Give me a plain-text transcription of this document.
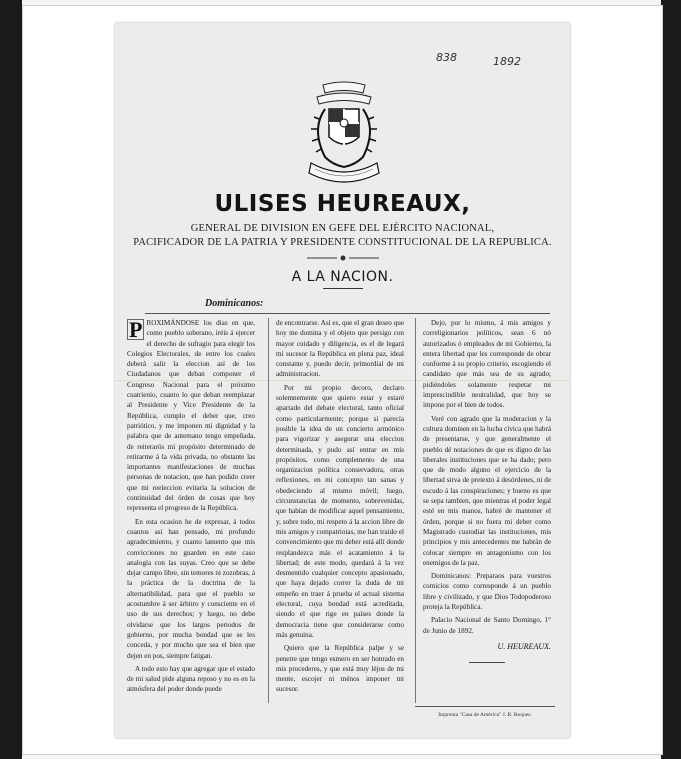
838	1892
ULISES HEUREAUX,
GENERAL DE DIVISION EN GEFE DEL EJÉRCITO NACIONAL,
PACIFICADOR DE LA PATRIA Y PRESIDENTE CONSTITUCIONAL DE LA REPUBLICA.
A LA NACION.
Dominicanos:

P ROXIMÁNDOSE los dias en que, como pueblo soberano, iréis á ejercer el derecho de sufragio para elegir los Colegios Electorales, de entre los cuales deberá salir la eleccion así de los Ciudadanos que deban componer el Congreso Nacional para el próximo cuatrienio, cuanto lo que deban reemplazar al Presidente y Vice Presidente de la República, cumplo el deber que, creo patriótico, y me imponen mi dignidad y la palabra que de antemano tengo empeñada, de reiterarós mi propósito determinado de retirarme á la vida privada, no obstante las importantes manifestaciones de muchas personas de notacion, que han podido creer que mi reeleccion evitaría la solucion de continuidad del órden de cosas que hoy representa el progreso de la República.

En esta ocasion he de expresar, á todos cuantos así han pensado, mi profundo agradecimiento, y cuanto lamento que mis convicciones no guarden en este caso analogía con las suyas. Creo que se debe dejar campo libre, sin temores ni zozobras, á la práctica de la doctrina de la alternatibilidad, para que el pueblo se acostumbre á ser árbitro y consciente en el uso de sus derechos; y luego, no debe olvidarse que los largos periodos de gobierno, por mucha bondad que se les conceda, y por mucho que sea el bien que dejen en pos, siempre fatigan.

A todo esto hay que agregar que el estado de mi salud pide alguna reposo y no es en la atmósfera del poder donde puede

de encontrarse. Así es, que el gran deseo que hoy me domina y el objeto que persigo con mayor cuidado y diligencia, es el de legará mi sucesor la República en plena paz, ideal constante y, puedo decir, primordial de mi administracion.

Por mi propio decoro, declaro solemnemente que quiero estar y estaré apartado del debate electoral, tanto oficial como particularmente; porque si parecía posible la idea de un concierto armónico para vigorizar y asegurar una eleccion determinada, y pudo así entrar en mis propósitos, como complemento de una organizacion política conservadora, otras reflexiones, en mi concepto tan sanas y obedeciendo al mismo móvil; luego, circunstancias de momento, sobrevenidas, que habían de modificar aquel pensamiento, y, sobre todo, mi respeto á la accion libre de mis amigos y compatriotas, me han traido el convencimiento que mi deber está allí donde resplandezca más el acatamiento á la libertad; de este modo, quedará á la vez desmentido cualquier concepto apasionado, que haya dejado correr la duda de mi empeño en traer á prueba el actual sistema electoral, cuya bondad está acreditada, siendo el que rige en países donde la democracia tiene que considerarse como más genuina.

Quiero que la República palpe y se penetre que tengo esmero en ser honrado en mis procederes, y que está muy léjos de mi mente, escojer ni ménos imponer mi sucesor.

Dejo, por lo mismo, á mis amigos y correligionarios políticos, sean 6 nó autorizados ó empleados de mi Gobierno, la entera libertad que les corresponde de obrar conforme á su propio criterio, escogiendo el candidato que más sea de su agrado; pidiéndoles solamente respetar mi imprescindible neutralidad, que hoy se impone por el bien de todos.

Veré con agrado que la moderacion y la cultura dominen en la lucha cívica que habrá de presentarse, y que generalmente el pueblo dé notaciones de que es digno de las liberales instituciones que se ha dado; pero que de modo alguno el ejercicio de la libertad sirva de pretexto á desórdenes, ni de escudo á las conspiraciones; y bueno es que se sepa tambien, que mientras el poder legal esté en mis manos, habré de mantener el órden, porque si no fuera mi deber como Magistrado custodiar las instituciones, mis principios y mis antecedentes me habrán de colocar siempre en antagonismo con los enemigos de la paz.

Dominicanos: Preparaos para vuestros comicios como corresponde á un pueblo libre y civilizado, y que Dios Todopoderoso proteja la República.

Palacio Nacional de Santo Domingo, 1° de Junio de 1892.
U. HEUREAUX.
Imprenta "Casa de América" J. R. Roques.
